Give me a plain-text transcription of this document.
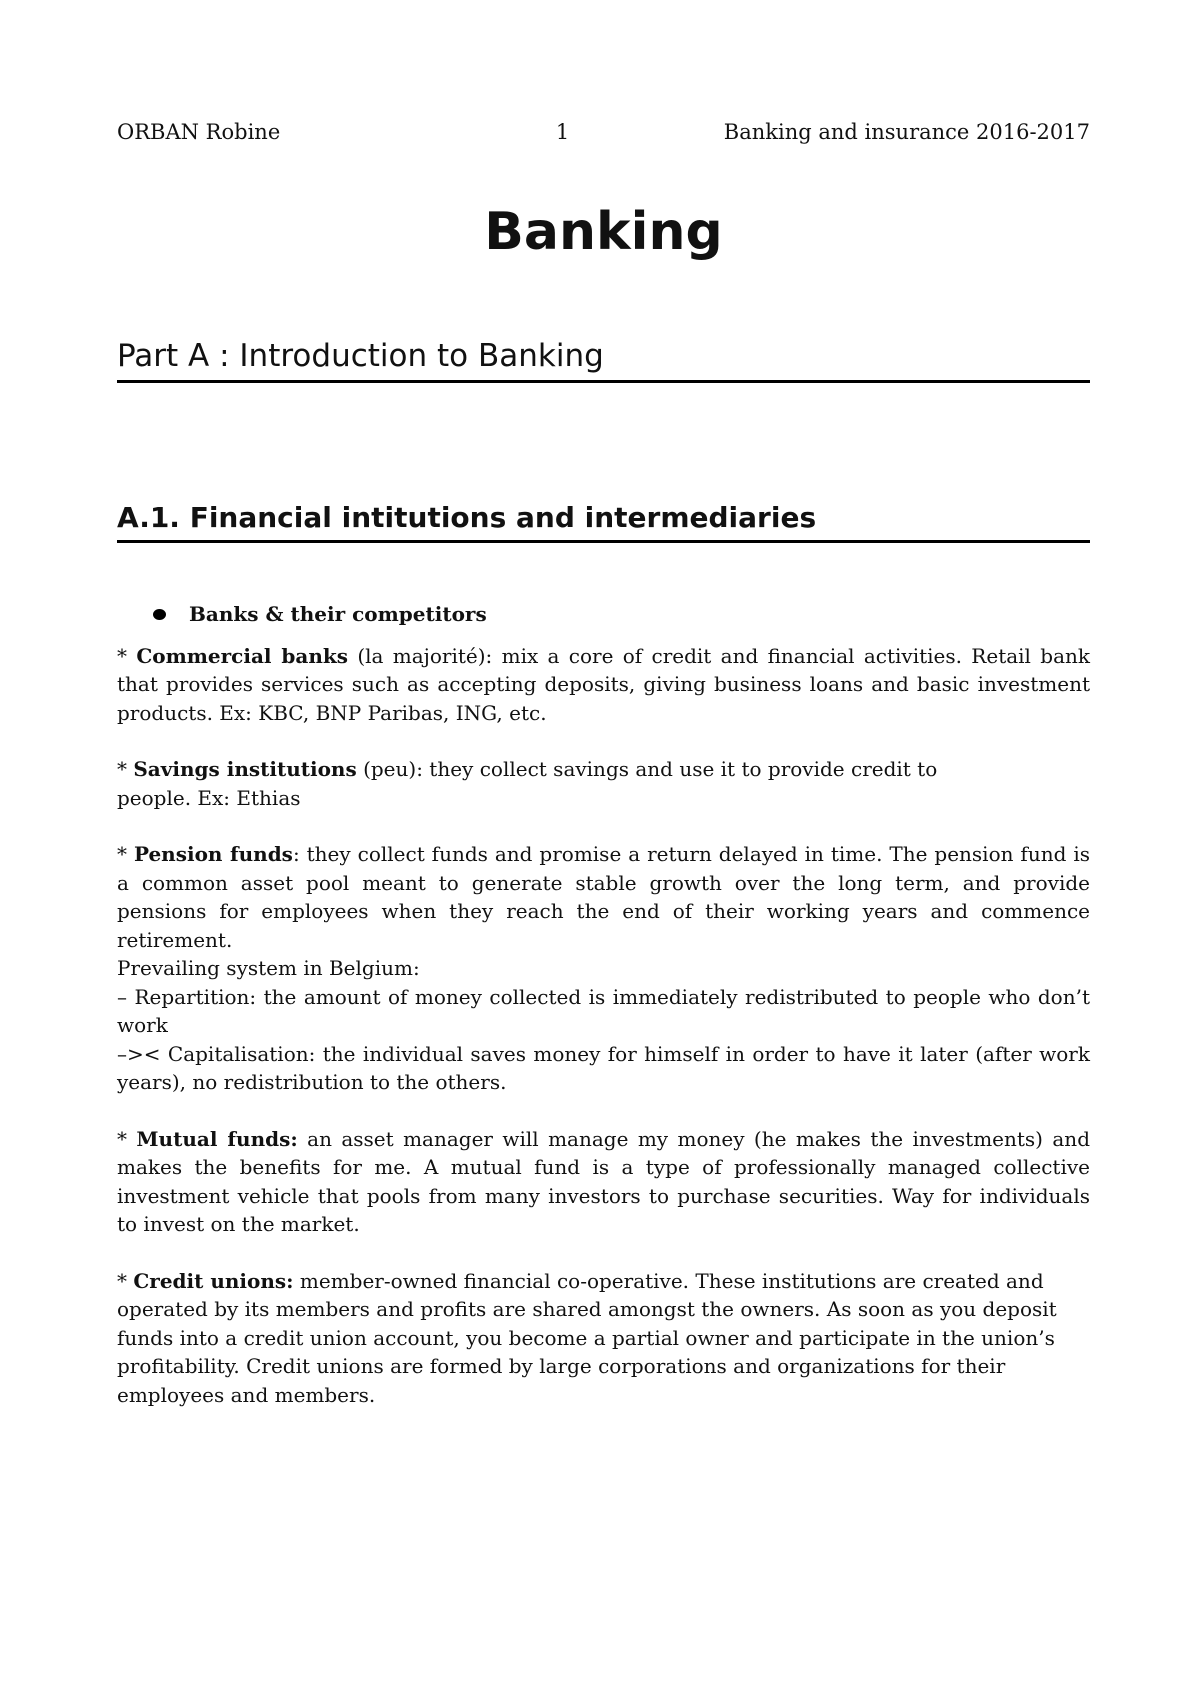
ORBAN Robine	1	Banking and insurance 2016-2017
Banking
Part A : Introduction to Banking
A.1. Financial intitutions and intermediaries
Banks & their competitors

* Commercial banks (la majorité): mix a core of credit and financial activities. Retail bank that provides services such as accepting deposits, giving business loans and basic investment products. Ex: KBC, BNP Paribas, ING, etc.

* Savings institutions (peu): they collect savings and use it to provide credit to
people. Ex: Ethias

* Pension funds: they collect funds and promise a return delayed in time. The pension fund is a common asset pool meant to generate stable growth over the long term, and provide pensions for employees when they reach the end of their working years and commence retirement.
Prevailing system in Belgium:
– Repartition: the amount of money collected is immediately redistributed to people who don’t work
–>< Capitalisation: the individual saves money for himself in order to have it later (after work years), no redistribution to the others.

* Mutual funds: an asset manager will manage my money (he makes the investments) and makes the benefits for me. A mutual fund is a type of professionally managed collective investment vehicle that pools from many investors to purchase securities. Way for individuals to invest on the market.

* Credit unions: member-owned financial co-operative. These institutions are created and operated by its members and profits are shared amongst the owners. As soon as you deposit funds into a credit union account, you become a partial owner and participate in the union’s profitability. Credit unions are formed by large corporations and organizations for their employees and members.
